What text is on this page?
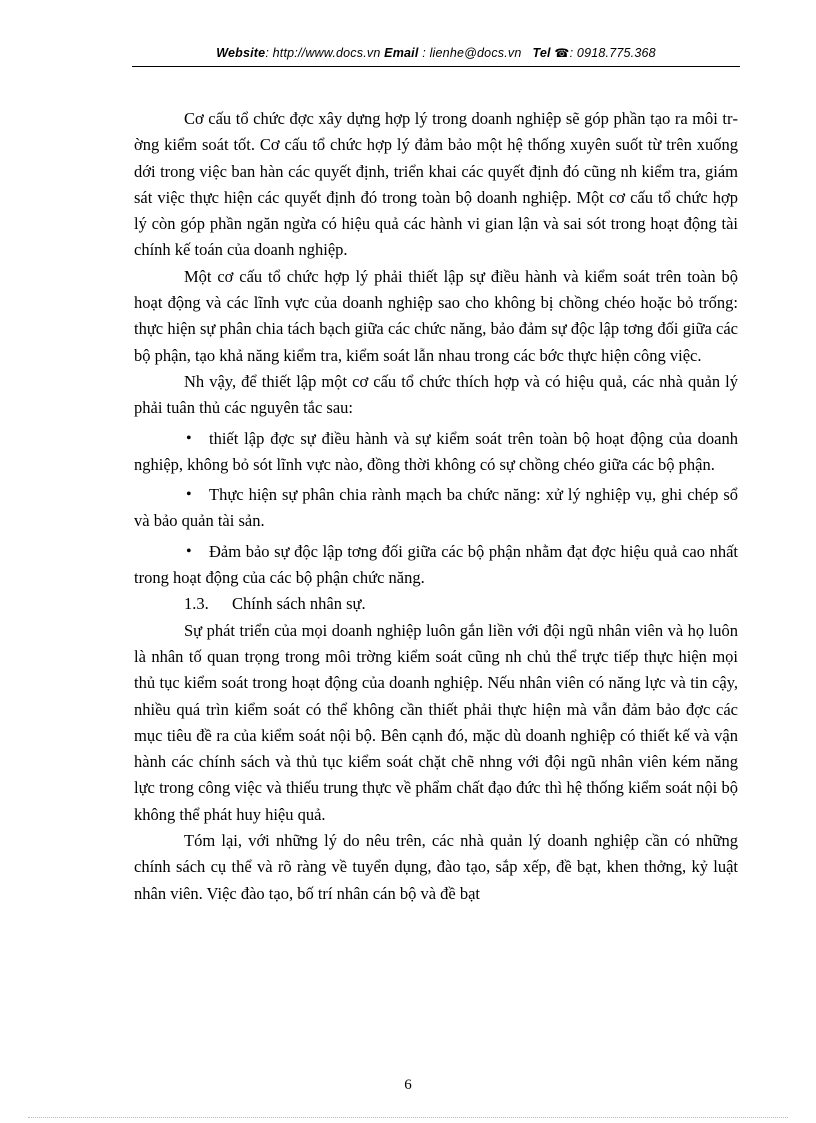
Website: http://www.docs.vn Email : lienhe@docs.vn Tel ☎: 0918.775.368

Cơ cấu tổ chức đợc xây dựng hợp lý trong doanh nghiệp sẽ góp phần tạo ra môi trờng kiểm soát tốt. Cơ cấu tổ chức hợp lý đảm bảo một hệ thống xuyên suốt từ trên xuống dới trong việc ban hàn các quyết định, triển khai các quyết định đó cũng nh kiểm tra, giám sát việc thực hiện các quyết định đó trong toàn bộ doanh nghiệp. Một cơ cấu tổ chức hợp lý còn góp phần ngăn ngừa có hiệu quả các hành vi gian lận và sai sót trong hoạt động tài chính kế toán của doanh nghiệp.

Một cơ cấu tổ chức hợp lý phải thiết lập sự điều hành và kiểm soát trên toàn bộ hoạt động và các lĩnh vực của doanh nghiệp sao cho không bị chồng chéo hoặc bỏ trống: thực hiện sự phân chia tách bạch giữa các chức năng, bảo đảm sự độc lập tơng đối giữa các bộ phận, tạo khả năng kiểm tra, kiểm soát lẫn nhau trong các bớc thực hiện công việc.

Nh vậy, để thiết lập một cơ cấu tổ chức thích hợp và có hiệu quả, các nhà quản lý phải tuân thủ các nguyên tắc sau:

•	thiết lập đợc sự điều hành và sự kiểm soát trên toàn bộ hoạt động của doanh nghiệp, không bỏ sót lĩnh vực nào, đồng thời không có sự chồng chéo giữa các bộ phận.

•	Thực hiện sự phân chia rành mạch ba chức năng: xử lý nghiệp vụ, ghi chép sổ và bảo quản tài sản.

•	Đảm bảo sự độc lập tơng đối giữa các bộ phận nhằm đạt đợc hiệu quả cao nhất trong hoạt động của các bộ phận chức năng.

1.3. Chính sách nhân sự.

Sự phát triển của mọi doanh nghiệp luôn gắn liền với đội ngũ nhân viên và họ luôn là nhân tố quan trọng trong môi trờng kiểm soát cũng nh chủ thể trực tiếp thực hiện mọi thủ tục kiểm soát trong hoạt động của doanh nghiệp. Nếu nhân viên có năng lực và tin cậy, nhiều quá trìn kiểm soát có thể không cần thiết phải thực hiện mà vẫn đảm bảo đợc các mục tiêu đề ra của kiểm soát nội bộ. Bên cạnh đó, mặc dù doanh nghiệp có thiết kế và vận hành các chính sách và thủ tục kiểm soát chặt chẽ nhng với đội ngũ nhân viên kém năng lực trong công việc và thiếu trung thực về phẩm chất đạo đức thì hệ thống kiểm soát nội bộ không thể phát huy hiệu quả.

Tóm lại, với những lý do nêu trên, các nhà quản lý doanh nghiệp cần có những chính sách cụ thể và rõ ràng về tuyển dụng, đào tạo, sắp xếp, đề bạt, khen thởng, kỷ luật nhân viên. Việc đào tạo, bố trí nhân cán bộ và đề bạt

6
